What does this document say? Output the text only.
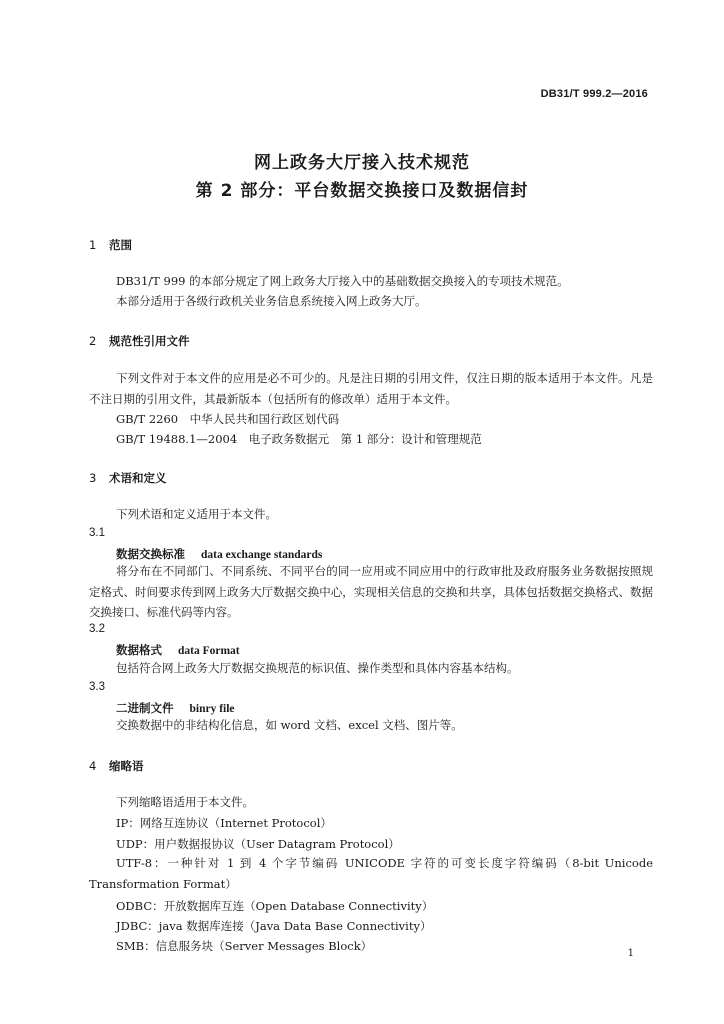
DB31/T 999.2—2016
网上政务大厅接入技术规范
第 2 部分：平台数据交换接口及数据信封
1 范围
DB31/T 999 的本部分规定了网上政务大厅接入中的基础数据交换接入的专项技术规范。
本部分适用于各级行政机关业务信息系统接入网上政务大厅。
2 规范性引用文件
下列文件对于本文件的应用是必不可少的。凡是注日期的引用文件，仅注日期的版本适用于本文件。凡是不注日期的引用文件，其最新版本（包括所有的修改单）适用于本文件。
GB/T 2260　中华人民共和国行政区划代码
GB/T 19488.1—2004　电子政务数据元　第 1 部分：设计和管理规范
3 术语和定义
下列术语和定义适用于本文件。
3.1
数据交换标准 data exchange standards
将分布在不同部门、不同系统、不同平台的同一应用或不同应用中的行政审批及政府服务业务数据按照规定格式、时间要求传到网上政务大厅数据交换中心，实现相关信息的交换和共享，具体包括数据交换格式、数据交换接口、标准代码等内容。
3.2
数据格式 data Format
包括符合网上政务大厅数据交换规范的标识值、操作类型和具体内容基本结构。
3.3
二进制文件 binry file
交换数据中的非结构化信息，如 word 文档、excel 文档、图片等。
4 缩略语
下列缩略语适用于本文件。
IP：网络互连协议（Internet Protocol）
UDP：用户数据报协议（User Datagram Protocol）
UTF-8：一种针对 1 到 4 个字节编码 UNICODE 字符的可变长度字符编码（8-bit Unicode Transformation Format）
ODBC：开放数据库互连（Open Database Connectivity）
JDBC：java 数据库连接（Java Data Base Connectivity）
SMB：信息服务块（Server Messages Block）
1
